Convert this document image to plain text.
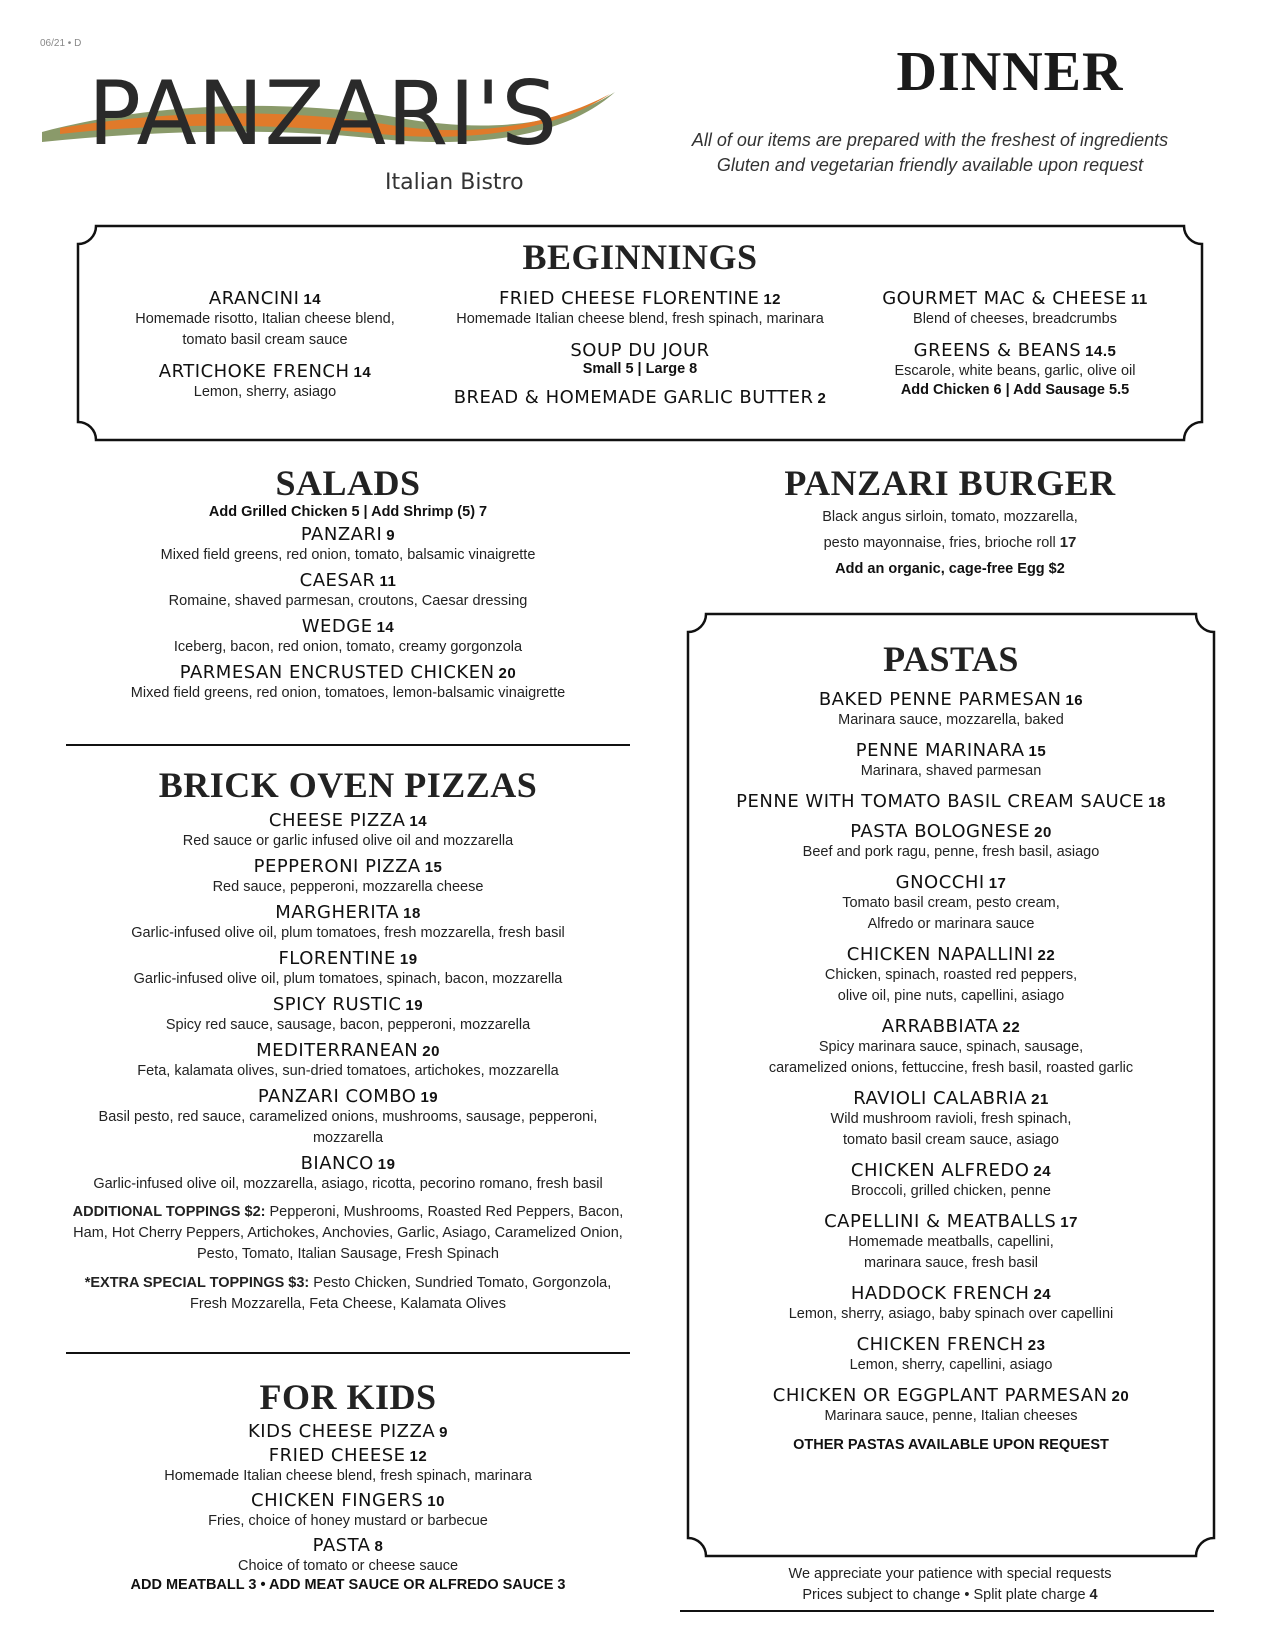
06/21 • D
PANZARI'S
Italian Bistro
DINNER
All of our items are prepared with the freshest of ingredients
Gluten and vegetarian friendly available upon request
BEGINNINGS
ARANCINI 14
Homemade risotto, Italian cheese blend,
tomato basil cream sauce
ARTICHOKE FRENCH 14
Lemon, sherry, asiago
FRIED CHEESE FLORENTINE 12
Homemade Italian cheese blend, fresh spinach, marinara
SOUP DU JOUR
Small 5 | Large 8
BREAD & HOMEMADE GARLIC BUTTER 2
GOURMET MAC & CHEESE 11
Blend of cheeses, breadcrumbs
GREENS & BEANS 14.5
Escarole, white beans, garlic, olive oil
Add Chicken 6 | Add Sausage 5.5
SALADS
Add Grilled Chicken 5 | Add Shrimp (5) 7
PANZARI 9
Mixed field greens, red onion, tomato, balsamic vinaigrette
CAESAR 11
Romaine, shaved parmesan, croutons, Caesar dressing
WEDGE 14
Iceberg, bacon, red onion, tomato, creamy gorgonzola
PARMESAN ENCRUSTED CHICKEN 20
Mixed field greens, red onion, tomatoes, lemon-balsamic vinaigrette
BRICK OVEN PIZZAS
CHEESE PIZZA 14
Red sauce or garlic infused olive oil and mozzarella
PEPPERONI PIZZA 15
Red sauce, pepperoni, mozzarella cheese
MARGHERITA 18
Garlic-infused olive oil, plum tomatoes, fresh mozzarella, fresh basil
FLORENTINE 19
Garlic-infused olive oil, plum tomatoes, spinach, bacon, mozzarella
SPICY RUSTIC 19
Spicy red sauce, sausage, bacon, pepperoni, mozzarella
MEDITERRANEAN 20
Feta, kalamata olives, sun-dried tomatoes, artichokes, mozzarella
PANZARI COMBO 19
Basil pesto, red sauce, caramelized onions, mushrooms, sausage, pepperoni, mozzarella
BIANCO 19
Garlic-infused olive oil, mozzarella, asiago, ricotta, pecorino romano, fresh basil
ADDITIONAL TOPPINGS $2: Pepperoni, Mushrooms, Roasted Red Peppers, Bacon,
Ham, Hot Cherry Peppers, Artichokes, Anchovies, Garlic, Asiago, Caramelized Onion,
Pesto, Tomato, Italian Sausage, Fresh Spinach
*EXTRA SPECIAL TOPPINGS $3: Pesto Chicken, Sundried Tomato, Gorgonzola,
Fresh Mozzarella, Feta Cheese, Kalamata Olives
FOR KIDS
KIDS CHEESE PIZZA 9
FRIED CHEESE 12
Homemade Italian cheese blend, fresh spinach, marinara
CHICKEN FINGERS 10
Fries, choice of honey mustard or barbecue
PASTA 8
Choice of tomato or cheese sauce
ADD MEATBALL 3 • ADD MEAT SAUCE OR ALFREDO SAUCE 3
PANZARI BURGER
Black angus sirloin, tomato, mozzarella,
pesto mayonnaise, fries, brioche roll 17
Add an organic, cage-free Egg $2
PASTAS
BAKED PENNE PARMESAN 16
Marinara sauce, mozzarella, baked
PENNE MARINARA 15
Marinara, shaved parmesan
PENNE WITH TOMATO BASIL CREAM SAUCE 18
PASTA BOLOGNESE 20
Beef and pork ragu, penne, fresh basil, asiago
GNOCCHI 17
Tomato basil cream, pesto cream,
Alfredo or marinara sauce
CHICKEN NAPALLINI 22
Chicken, spinach, roasted red peppers,
olive oil, pine nuts, capellini, asiago
ARRABBIATA 22
Spicy marinara sauce, spinach, sausage,
caramelized onions, fettuccine, fresh basil, roasted garlic
RAVIOLI CALABRIA 21
Wild mushroom ravioli, fresh spinach,
tomato basil cream sauce, asiago
CHICKEN ALFREDO 24
Broccoli, grilled chicken, penne
CAPELLINI & MEATBALLS 17
Homemade meatballs, capellini,
marinara sauce, fresh basil
HADDOCK FRENCH 24
Lemon, sherry, asiago, baby spinach over capellini
CHICKEN FRENCH 23
Lemon, sherry, capellini, asiago
CHICKEN OR EGGPLANT PARMESAN 20
Marinara sauce, penne, Italian cheeses
OTHER PASTAS AVAILABLE UPON REQUEST
We appreciate your patience with special requests
Prices subject to change • Split plate charge 4
